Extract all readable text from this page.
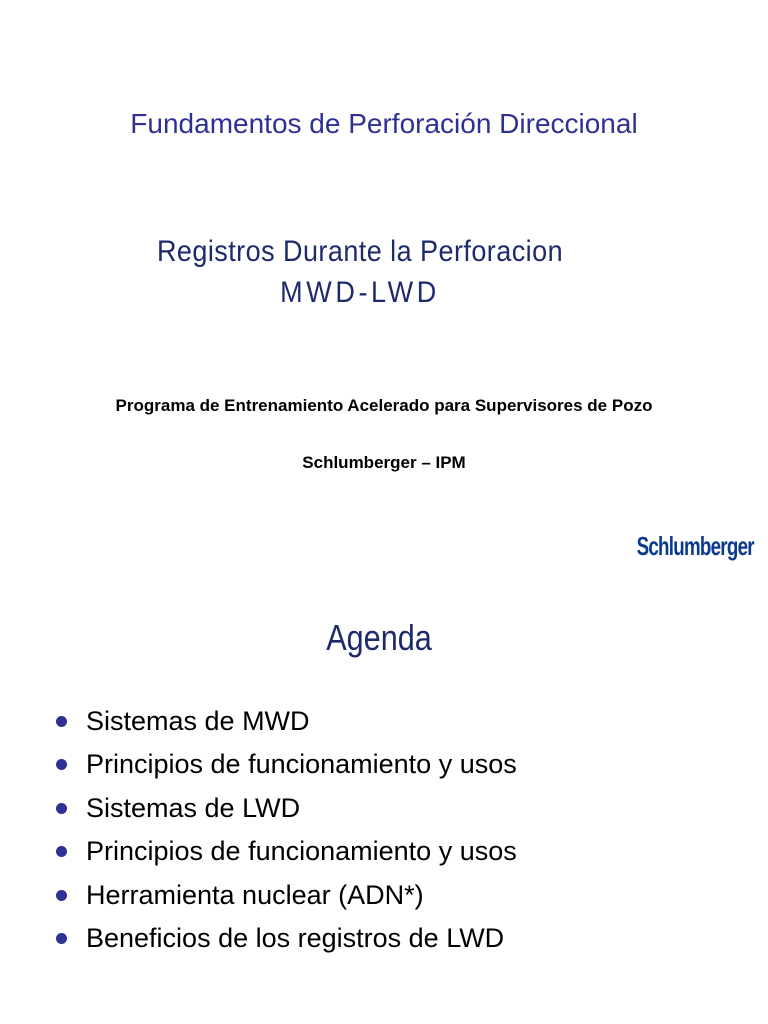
Fundamentos de Perforación Direccional
Registros Durante la Perforacion
MWD-LWD
Programa de Entrenamiento Acelerado para Supervisores de Pozo
Schlumberger – IPM
Schlumberger
Agenda
Sistemas de MWD
Principios de funcionamiento y usos
Sistemas de LWD
Principios de funcionamiento y usos
Herramienta nuclear (ADN*)
Beneficios de los registros de LWD
